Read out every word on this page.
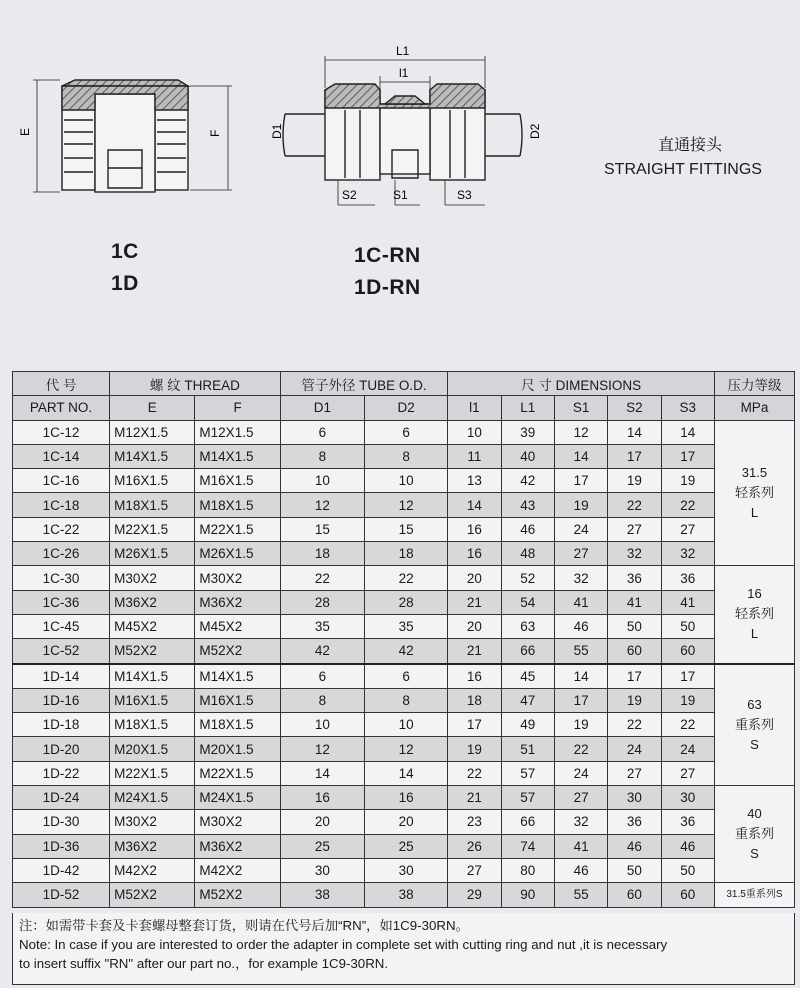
E	F
L1
l1
D1	D2
S2	S1	S3
1C
1D
1C-RN
1D-RN
直通接头
STRAIGHT FITTINGS
代 号	螺 纹 THREAD		管子外径 TUBE O.D.		尺 寸 DIMENSIONS					压力等级
PART NO.	E	F	D1	D2	l1	L1	S1	S2	S3	MPa
1C-12	M12X1.5	M12X1.5	6	6	10	39	12	14	14	31.5
轻系列
L

1C-14	M14X1.5	M14X1.5	8	8	11	40	14	17	17	
1C-16	M16X1.5	M16X1.5	10	10	13	42	17	19	19	
1C-18	M18X1.5	M18X1.5	12	12	14	43	19	22	22	
1C-22	M22X1.5	M22X1.5	15	15	16	46	24	27	27	
1C-26	M26X1.5	M26X1.5	18	18	16	48	27	32	32	
1C-30	M30X2	M30X2	22	22	20	52	32	36	36	16
轻系列
L

1C-36	M36X2	M36X2	28	28	21	54	41	41	41	
1C-45	M45X2	M45X2	35	35	20	63	46	50	50	
1C-52	M52X2	M52X2	42	42	21	66	55	60	60	
1D-14	M14X1.5	M14X1.5	6	6	16	45	14	17	17	63
重系列
S

1D-16	M16X1.5	M16X1.5	8	8	18	47	17	19	19	
1D-18	M18X1.5	M18X1.5	10	10	17	49	19	22	22	
1D-20	M20X1.5	M20X1.5	12	12	19	51	22	24	24	
1D-22	M22X1.5	M22X1.5	14	14	22	57	24	27	27	
1D-24	M24X1.5	M24X1.5	16	16	21	57	27	30	30	40
重系列
S

1D-30	M30X2	M30X2	20	20	23	66	32	36	36	
1D-36	M36X2	M36X2	25	25	26	74	41	46	46	
1D-42	M42X2	M42X2	30	30	27	80	46	50	50	
1D-52	M52X2	M52X2	38	38	29	90	55	60	60	31.5重系列S
注：如需带卡套及卡套螺母整套订货，则请在代号后加“RN”，如1C9-30RN。
Note: In case if you are interested to order the adapter in complete set with cutting ring and nut ,it is necessary
to insert suffix "RN" after our part no.，for example 1C9-30RN.
